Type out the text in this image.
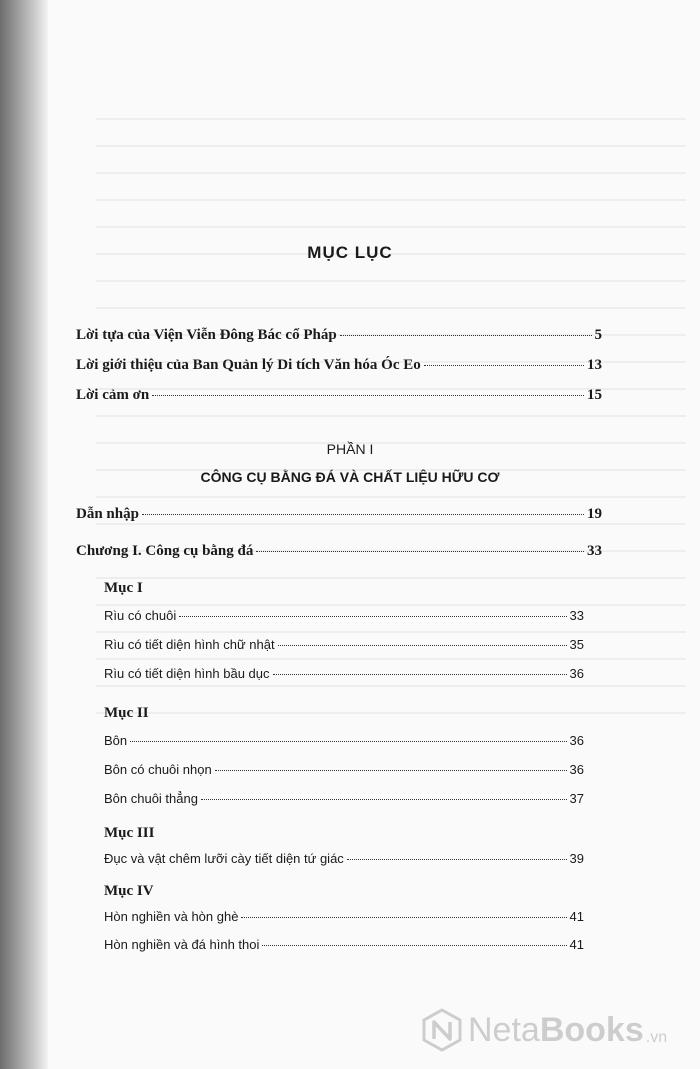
MỤC LỤC
Lời tựa của Viện Viễn Đông Bác cổ Pháp	5
Lời giới thiệu của Ban Quản lý Di tích Văn hóa Óc Eo	13
Lời cảm ơn	15
PHẦN I
CÔNG CỤ BẰNG ĐÁ VÀ CHẤT LIỆU HỮU CƠ
Dẫn nhập	19
Chương I. Công cụ bằng đá	33
Mục I
Rìu có chuôi	33
Rìu có tiết diện hình chữ nhật	35
Rìu có tiết diện hình bầu dục	36
Mục II
Bôn	36
Bôn có chuôi nhọn	36
Bôn chuôi thẳng	37
Mục III
Đục và vật chêm lưỡi cày tiết diện tứ giác	39
Mục IV
Hòn nghiền và hòn ghè	41
Hòn nghiền và đá hình thoi	41
NetaBooks .vn
